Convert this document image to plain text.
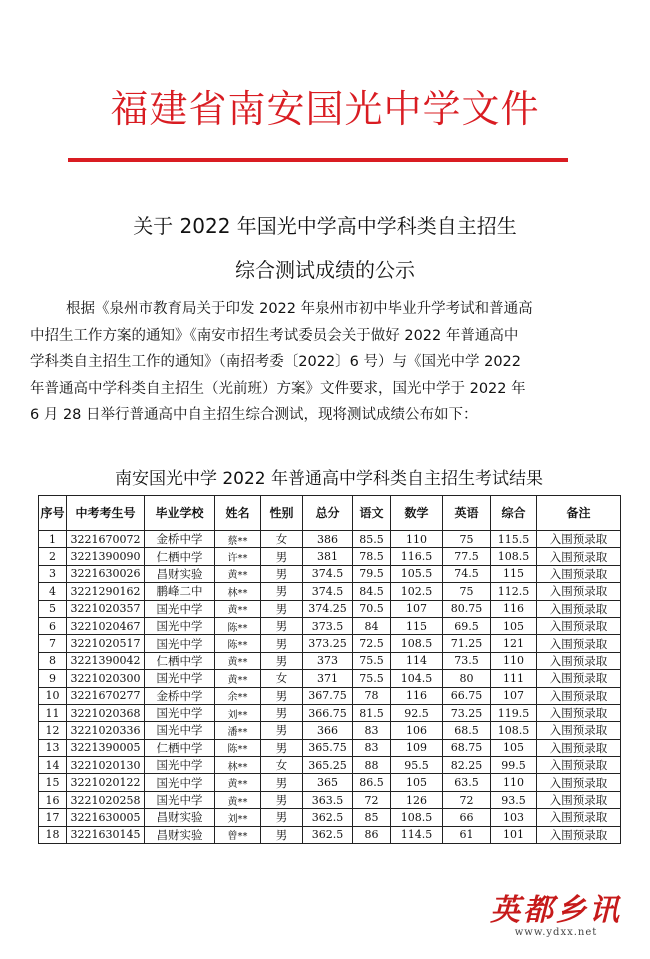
福建省南安国光中学文件
关于 2022 年国光中学高中学科类自主招生
综合测试成绩的公示
根据《泉州市教育局关于印发 2022 年泉州市初中毕业升学考试和普通高
中招生工作方案的通知》《南安市招生考试委员会关于做好 2022 年普通高中
学科类自主招生工作的通知》（南招考委〔2022〕6 号）与《国光中学 2022
年普通高中学科类自主招生（光前班）方案》文件要求，国光中学于 2022 年
6 月 28 日举行普通高中自主招生综合测试，现将测试成绩公布如下：
南安国光中学 2022 年普通高中学科类自主招生考试结果
序号	中考考生号	毕业学校	姓名	性别	总分	语文	数学	英语	综合	备注
1	3221670072	金桥中学	蔡**	女	386	85.5	110	75	115.5	入围预录取
2	3221390090	仁栖中学	许**	男	381	78.5	116.5	77.5	108.5	入围预录取
3	3221630026	昌财实验	黄**	男	374.5	79.5	105.5	74.5	115	入围预录取
4	3221290162	鹏峰二中	林**	男	374.5	84.5	102.5	75	112.5	入围预录取
5	3221020357	国光中学	黄**	男	374.25	70.5	107	80.75	116	入围预录取
6	3221020467	国光中学	陈**	男	373.5	84	115	69.5	105	入围预录取
7	3221020517	国光中学	陈**	男	373.25	72.5	108.5	71.25	121	入围预录取
8	3221390042	仁栖中学	黄**	男	373	75.5	114	73.5	110	入围预录取
9	3221020300	国光中学	黄**	女	371	75.5	104.5	80	111	入围预录取
10	3221670277	金桥中学	余**	男	367.75	78	116	66.75	107	入围预录取
11	3221020368	国光中学	刘**	男	366.75	81.5	92.5	73.25	119.5	入围预录取
12	3221020336	国光中学	潘**	男	366	83	106	68.5	108.5	入围预录取
13	3221390005	仁栖中学	陈**	男	365.75	83	109	68.75	105	入围预录取
14	3221020130	国光中学	林**	女	365.25	88	95.5	82.25	99.5	入围预录取
15	3221020122	国光中学	黄**	男	365	86.5	105	63.5	110	入围预录取
16	3221020258	国光中学	黄**	男	363.5	72	126	72	93.5	入围预录取
17	3221630005	昌财实验	刘**	男	362.5	85	108.5	66	103	入围预录取
18	3221630145	昌财实验	曾**	男	362.5	86	114.5	61	101	入围预录取
英都乡讯
www.ydxx.net
